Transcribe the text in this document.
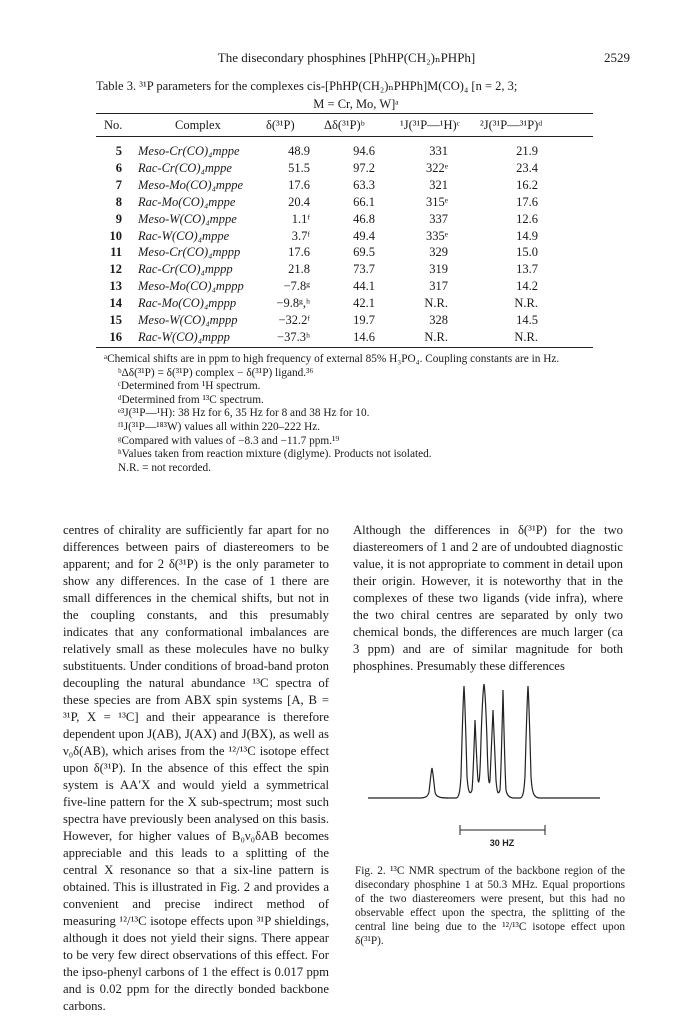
The disecondary phosphines [PhHP(CH₂)ₙPHPh]	2529
Table 3. ³¹P parameters for the complexes cis-[PhHP(CH₂)ₙPHPh]M(CO)₄ [n = 2, 3;
M = Cr, Mo, W]ᵃ
No.	Complex	δ(³¹P) Δδ(³¹P)ᵇ	¹J(³¹P—¹H)ᶜ ²J(³¹P—³¹P)ᵈ
5 Meso-Cr(CO)₄mppe	48.9	94.6	331	21.9
6 Rac-Cr(CO)₄mppe	51.5	97.2	322ᵉ	23.4
7 Meso-Mo(CO)₄mppe	17.6	63.3	321	16.2
8 Rac-Mo(CO)₄mppe	20.4	66.1	315ᵉ	17.6
9 Meso-W(CO)₄mppe	1.1ᶠ	46.8	337	12.6
10 Rac-W(CO)₄mppe	3.7ᶠ	49.4	335ᵉ	14.9
11 Meso-Cr(CO)₄mppp	17.6	69.5	329	15.0
12 Rac-Cr(CO)₄mppp	21.8	73.7	319	13.7
13 Meso-Mo(CO)₄mppp	−7.8ᵍ	44.1	317	14.2
14 Rac-Mo(CO)₄mppp	−9.8ᵍ,ʰ	42.1	N.R.	N.R.
15 Meso-W(CO)₄mppp	−32.2ᶠ	19.7	328	14.5
16 Rac-W(CO)₄mppp	−37.3ʰ	14.6	N.R.	N.R.

ᵃChemical shifts are in ppm to high frequency of external 85% H₃PO₄. Coupling constants are in Hz.

ᵇΔδ(³¹P) = δ(³¹P) complex − δ(³¹P) ligand.³⁶

ᶜDetermined from ¹H spectrum.

ᵈDetermined from ¹³C spectrum.

ᵉ³J(³¹P—¹H): 38 Hz for 6, 35 Hz for 8 and 38 Hz for 10.

ᶠ¹J(³¹P—¹⁸³W) values all within 220–222 Hz.

ᵍCompared with values of −8.3 and −11.7 ppm.¹⁹

ʰValues taken from reaction mixture (diglyme). Products not isolated.

N.R. = not recorded.

centres of chirality are sufficiently far apart for no differences between pairs of diastereomers to be apparent; and for 2 δ(³¹P) is the only parameter to show any differences. In the case of 1 there are small differences in the chemical shifts, but not in the coupling constants, and this presumably indicates that any conformational imbalances are relatively small as these molecules have no bulky substituents. Under conditions of broad-band proton decoupling the natural abundance ¹³C spectra of these species are from ABX spin systems [A, B = ³¹P, X = ¹³C] and their appearance is therefore dependent upon J(AB), J(AX) and J(BX), as well as ν₀δ(AB), which arises from the ¹²/¹³C isotope effect upon δ(³¹P). In the absence of this effect the spin system is AA′X and would yield a symmetrical five-line pattern for the X sub-spectrum; most such spectra have previously been analysed on this basis. However, for higher values of B₀ν₀δAB becomes appreciable and this leads to a splitting of the central X resonance so that a six-line pattern is obtained. This is illustrated in Fig. 2 and provides a convenient and precise indirect method of measuring ¹²/¹³C isotope effects upon ³¹P shieldings, although it does not yield their signs. There appear to be very few direct observations of this effect. For the ipso-phenyl carbons of 1 the effect is 0.017 ppm and is 0.02 ppm for the directly bonded backbone carbons.

Although the differences in δ(³¹P) for the two diastereomers of 1 and 2 are of undoubted diagnostic value, it is not appropriate to comment in detail upon their origin. However, it is noteworthy that in the complexes of these two ligands (vide infra), where the two chiral centres are separated by only two chemical bonds, the differences are much larger (ca 3 ppm) and are of similar magnitude for both phosphines. Presumably these differences

30 HZ

Fig. 2. ¹³C NMR spectrum of the backbone region of the disecondary phosphine 1 at 50.3 MHz. Equal proportions of the two diastereomers were present, but this had no observable effect upon the spectra, the splitting of the central line being due to the ¹²/¹³C isotope effect upon δ(³¹P).
